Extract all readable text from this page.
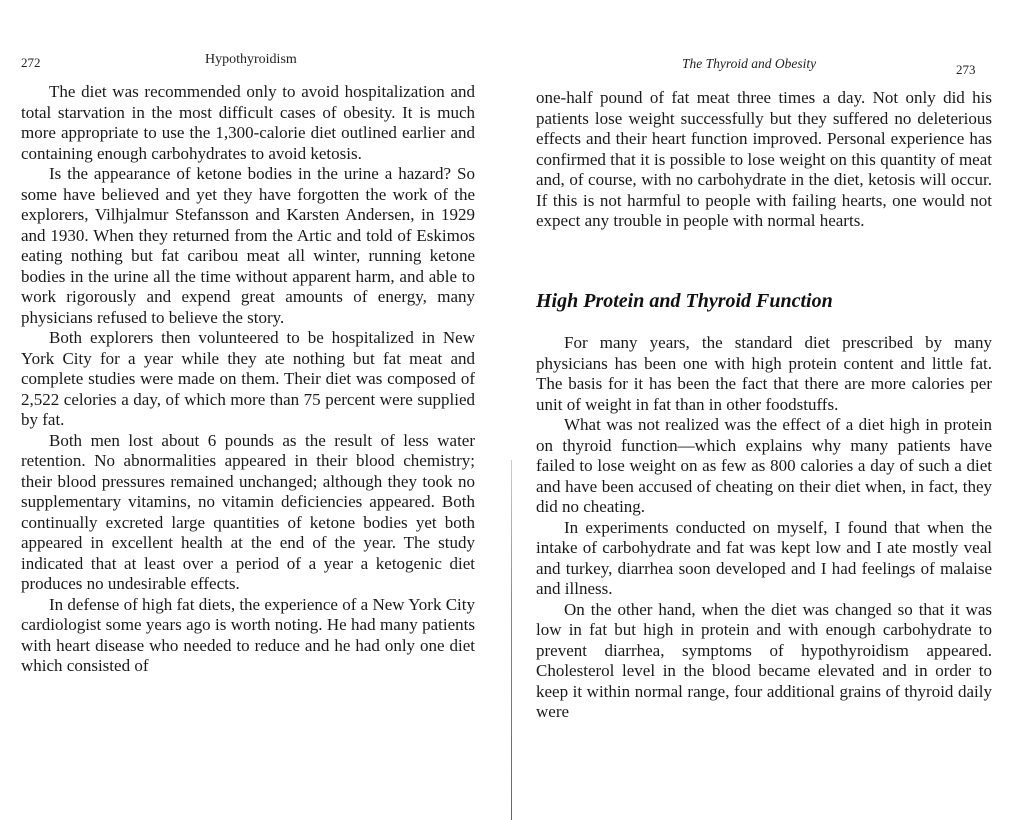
272	Hypothyroidism

The diet was recommended only to avoid hospitalization and total starvation in the most difficult cases of obesity. It is much more appropriate to use the 1,300-calorie diet outlined earlier and containing enough carbohydrates to avoid ketosis.

Is the appearance of ketone bodies in the urine a hazard? So some have believed and yet they have forgotten the work of the explorers, Vilhjalmur Stefansson and Karsten Andersen, in 1929 and 1930. When they returned from the Artic and told of Eskimos eating nothing but fat caribou meat all winter, running ketone bodies in the urine all the time without apparent harm, and able to work rigorously and expend great amounts of energy, many physicians refused to believe the story.

Both explorers then volunteered to be hospitalized in New York City for a year while they ate nothing but fat meat and complete studies were made on them. Their diet was composed of 2,522 celories a day, of which more than 75 percent were supplied by fat.

Both men lost about 6 pounds as the result of less water retention. No abnormalities appeared in their blood chemistry; their blood pressures remained unchanged; although they took no supplementary vitamins, no vitamin deficiencies appeared. Both continually excreted large quantities of ketone bodies yet both appeared in excellent health at the end of the year. The study indicated that at least over a period of a year a ketogenic diet produces no undesirable effects.

In defense of high fat diets, the experience of a New York City cardiologist some years ago is worth noting. He had many patients with heart disease who needed to reduce and he had only one diet which consisted of

The Thyroid and Obesity	273

one-half pound of fat meat three times a day. Not only did his patients lose weight successfully but they suffered no deleterious effects and their heart function improved. Personal experience has confirmed that it is possible to lose weight on this quantity of meat and, of course, with no carbohydrate in the diet, ketosis will occur. If this is not harmful to people with failing hearts, one would not expect any trouble in people with normal hearts.

High Protein and Thyroid Function

For many years, the standard diet prescribed by many physicians has been one with high protein content and little fat. The basis for it has been the fact that there are more calories per unit of weight in fat than in other foodstuffs.

What was not realized was the effect of a diet high in protein on thyroid function—which explains why many patients have failed to lose weight on as few as 800 calories a day of such a diet and have been accused of cheating on their diet when, in fact, they did no cheating.

In experiments conducted on myself, I found that when the intake of carbohydrate and fat was kept low and I ate mostly veal and turkey, diarrhea soon developed and I had feelings of malaise and illness.

On the other hand, when the diet was changed so that it was low in fat but high in protein and with enough carbohydrate to prevent diarrhea, symptoms of hypothyroidism appeared. Cholesterol level in the blood became elevated and in order to keep it within normal range, four additional grains of thyroid daily were
